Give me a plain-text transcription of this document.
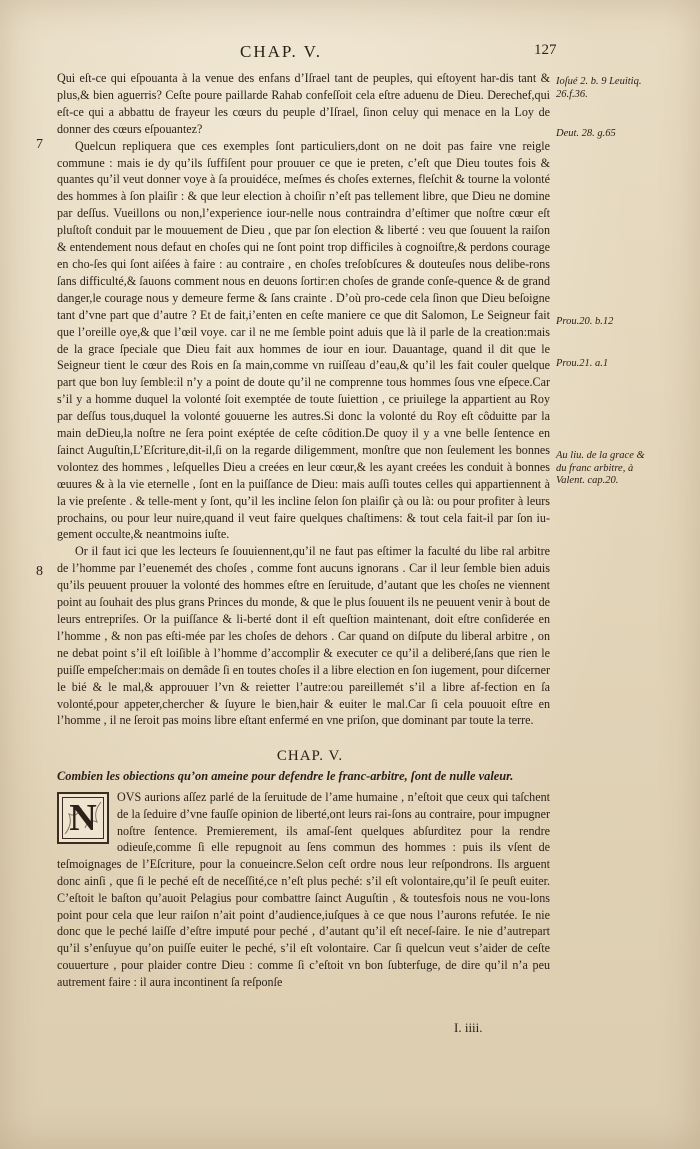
CHAP. V.	127
7
8

Qui eſt-ce qui eſpouanta à la venue des enfans d’Iſrael tant de peuples, qui eſtoyent har-dis tant & plus,& bien aguerris? Ceſte poure paillarde Rahab confeſſoit cela eſtre aduenu de Dieu. Derechef,qui eſt-ce qui a abbattu de frayeur les cœurs du peuple d’Iſrael, ſinon celuy qui menace en la Loy de donner des cœurs eſpouantez?

Quelcun repliquera que ces exemples ſont particuliers,dont on ne doit pas faire vne reigle commune : mais ie dy qu’ils ſuffiſent pour prouuer ce que ie preten, c’eſt que Dieu toutes fois & quantes qu’il veut donner voye à ſa prouidéce, meſmes és choſes externes, fleſchit & tourne la volonté des hommes à ſon plaiſir : & que leur election à choiſir n’eſt pas tellement libre, que Dieu ne domine par deſſus. Vueillons ou non,l’experience iour-nelle nous contraindra d’eſtimer que noſtre cœur eſt pluſtoſt conduit par le mouuement de Dieu , que par ſon election & liberté : veu que ſouuent la raiſon & entendement nous defaut en choſes qui ne ſont point trop difficiles à cognoiſtre,& perdons courage en cho-ſes qui ſont aiſées à faire : au contraire , en choſes treſobſcures & douteuſes nous delibe-rons ſans difficulté,& ſauons comment nous en deuons ſortir:en choſes de grande conſe-quence & de grand danger,le courage nous y demeure ferme & ſans crainte . D’où pro-cede cela ſinon que Dieu beſoigne tant d’vne part que d’autre ? Et de fait,i’enten en ceſte maniere ce que dit Salomon, Le Seigneur fait que l’oreille oye,& que l’œil voye. car il ne me ſemble point aduis que là il parle de la creation:mais de la grace ſpeciale que Dieu fait aux hommes de iour en iour. Dauantage, quand il dit que le Seigneur tient le cœur des Rois en ſa main,comme vn ruiſſeau d’eau,& qu’il les fait couler quelque part que bon luy ſemble:il n’y a point de doute qu’il ne comprenne tous hommes ſous vne eſpece.Car s’il y a homme duquel la volonté ſoit exemptée de toute ſuiettion , ce priuilege la appartient au Roy par deſſus tous,duquel la volonté gouuerne les autres.Si donc la volonté du Roy eſt côduitte par la main deDieu,la noſtre ne ſera point exéptée de ceſte côdition.De quoy il y a vne belle ſentence en ſainct Auguſtin,L’Eſcriture,dit-il,ſi on la regarde diligemment, monſtre que non ſeulement les bonnes volontez des hommes , leſquelles Dieu a creées en leur cœur,& les ayant creées les conduit à bonnes œuures & à la vie eternelle , ſont en la puiſſance de Dieu: mais auſſi toutes celles qui appartiennent à la vie preſente . & telle-ment y ſont, qu’il les incline ſelon ſon plaiſir çà ou là: ou pour profiter à leurs prochains, ou pour leur nuire,quand il veut faire quelques chaſtimens: & tout cela fait-il par ſon iu-gement occulte,& neantmoins iuſte.

Or il faut ici que les lecteurs ſe ſouuiennent,qu’il ne faut pas eſtimer la faculté du libe ral arbitre de l’homme par l’euenemét des choſes , comme font aucuns ignorans . Car il leur ſemble bien aduis qu’ils peuuent prouuer la volonté des hommes eſtre en ſeruitude, d’autant que les choſes ne viennent point au ſouhait des plus grans Princes du monde, & que le plus ſouuent ils ne peuuent venir à bout de leurs entrepriſes. Or la puiſſance & li-berté dont il eſt queſtion maintenant, doit eſtre conſiderée en l’homme , & non pas eſti-mée par les choſes de dehors . Car quand on diſpute du liberal arbitre , on ne debat point s’il eſt loiſible à l’homme d’accomplir & executer ce qu’il a deliberé,ſans que rien le puiſſe empeſcher:mais on demâde ſi en toutes choſes il a libre election en ſon iugement, pour diſcerner le bié & le mal,& approuuer l’vn & reietter l’autre:ou pareillemét s’il a libre af-fection en ſa volonté,pour appeter,chercher & ſuyure le bien,hair & euiter le mal.Car ſi cela pouuoit eſtre en l’homme , il ne ſeroit pas moins libre eſtant enfermé en vne priſon, que dominant par toute la terre.

Ioſué 2. b. 9 Leuitiq. 26.f.36.
Deut. 28. g.65
Prou.20. b.12
Prou.21. a.1
Au liu. de la grace & du franc arbitre, à Valent. cap.20.
CHAP. V.
Combien les obiections qu’on ameine pour defendre le franc-arbitre, ſont de nulle valeur.
N OVS aurions aſſez parlé de la ſeruitude de l’ame humaine , n’eſtoit que ceux qui taſchent de la ſeduire d’vne fauſſe opinion de liberté,ont leurs rai-ſons au contraire, pour impugner noſtre ſentence. Premierement, ils amaſ-ſent quelques abſurditez pour la rendre odieuſe,comme ſi elle repugnoit au ſens commun des hommes : puis ils vſent de teſmoignages de l’Eſcriture, pour la conueincre.Selon ceſt ordre nous leur reſpondrons. Ils arguent donc ainſi , que ſi le peché eſt de neceſſité,ce n’eſt plus peché: s’il eſt volontaire,qu’il ſe peuſt euiter. C’eſtoit le baſton qu’auoit Pelagius pour combattre ſainct Auguſtin , & toutesfois nous ne vou-lons point pour cela que leur raiſon n’ait point d’audience,iuſques à ce que nous l’aurons refutée. Ie nie donc que le peché laiſſe d’eſtre imputé pour peché , d’autant qu’il eſt neceſ-ſaire. Ie nie d’autrepart qu’il s’enſuyue qu’on puiſſe euiter le peché, s’il eſt volontaire. Car ſi quelcun veut s’aider de ceſte couuerture , pour plaider contre Dieu : comme ſi c’eſtoit vn bon ſubterfuge, de dire qu’il n’a peu autrement faire : il aura incontinent ſa reſponſe
I. iiii.
